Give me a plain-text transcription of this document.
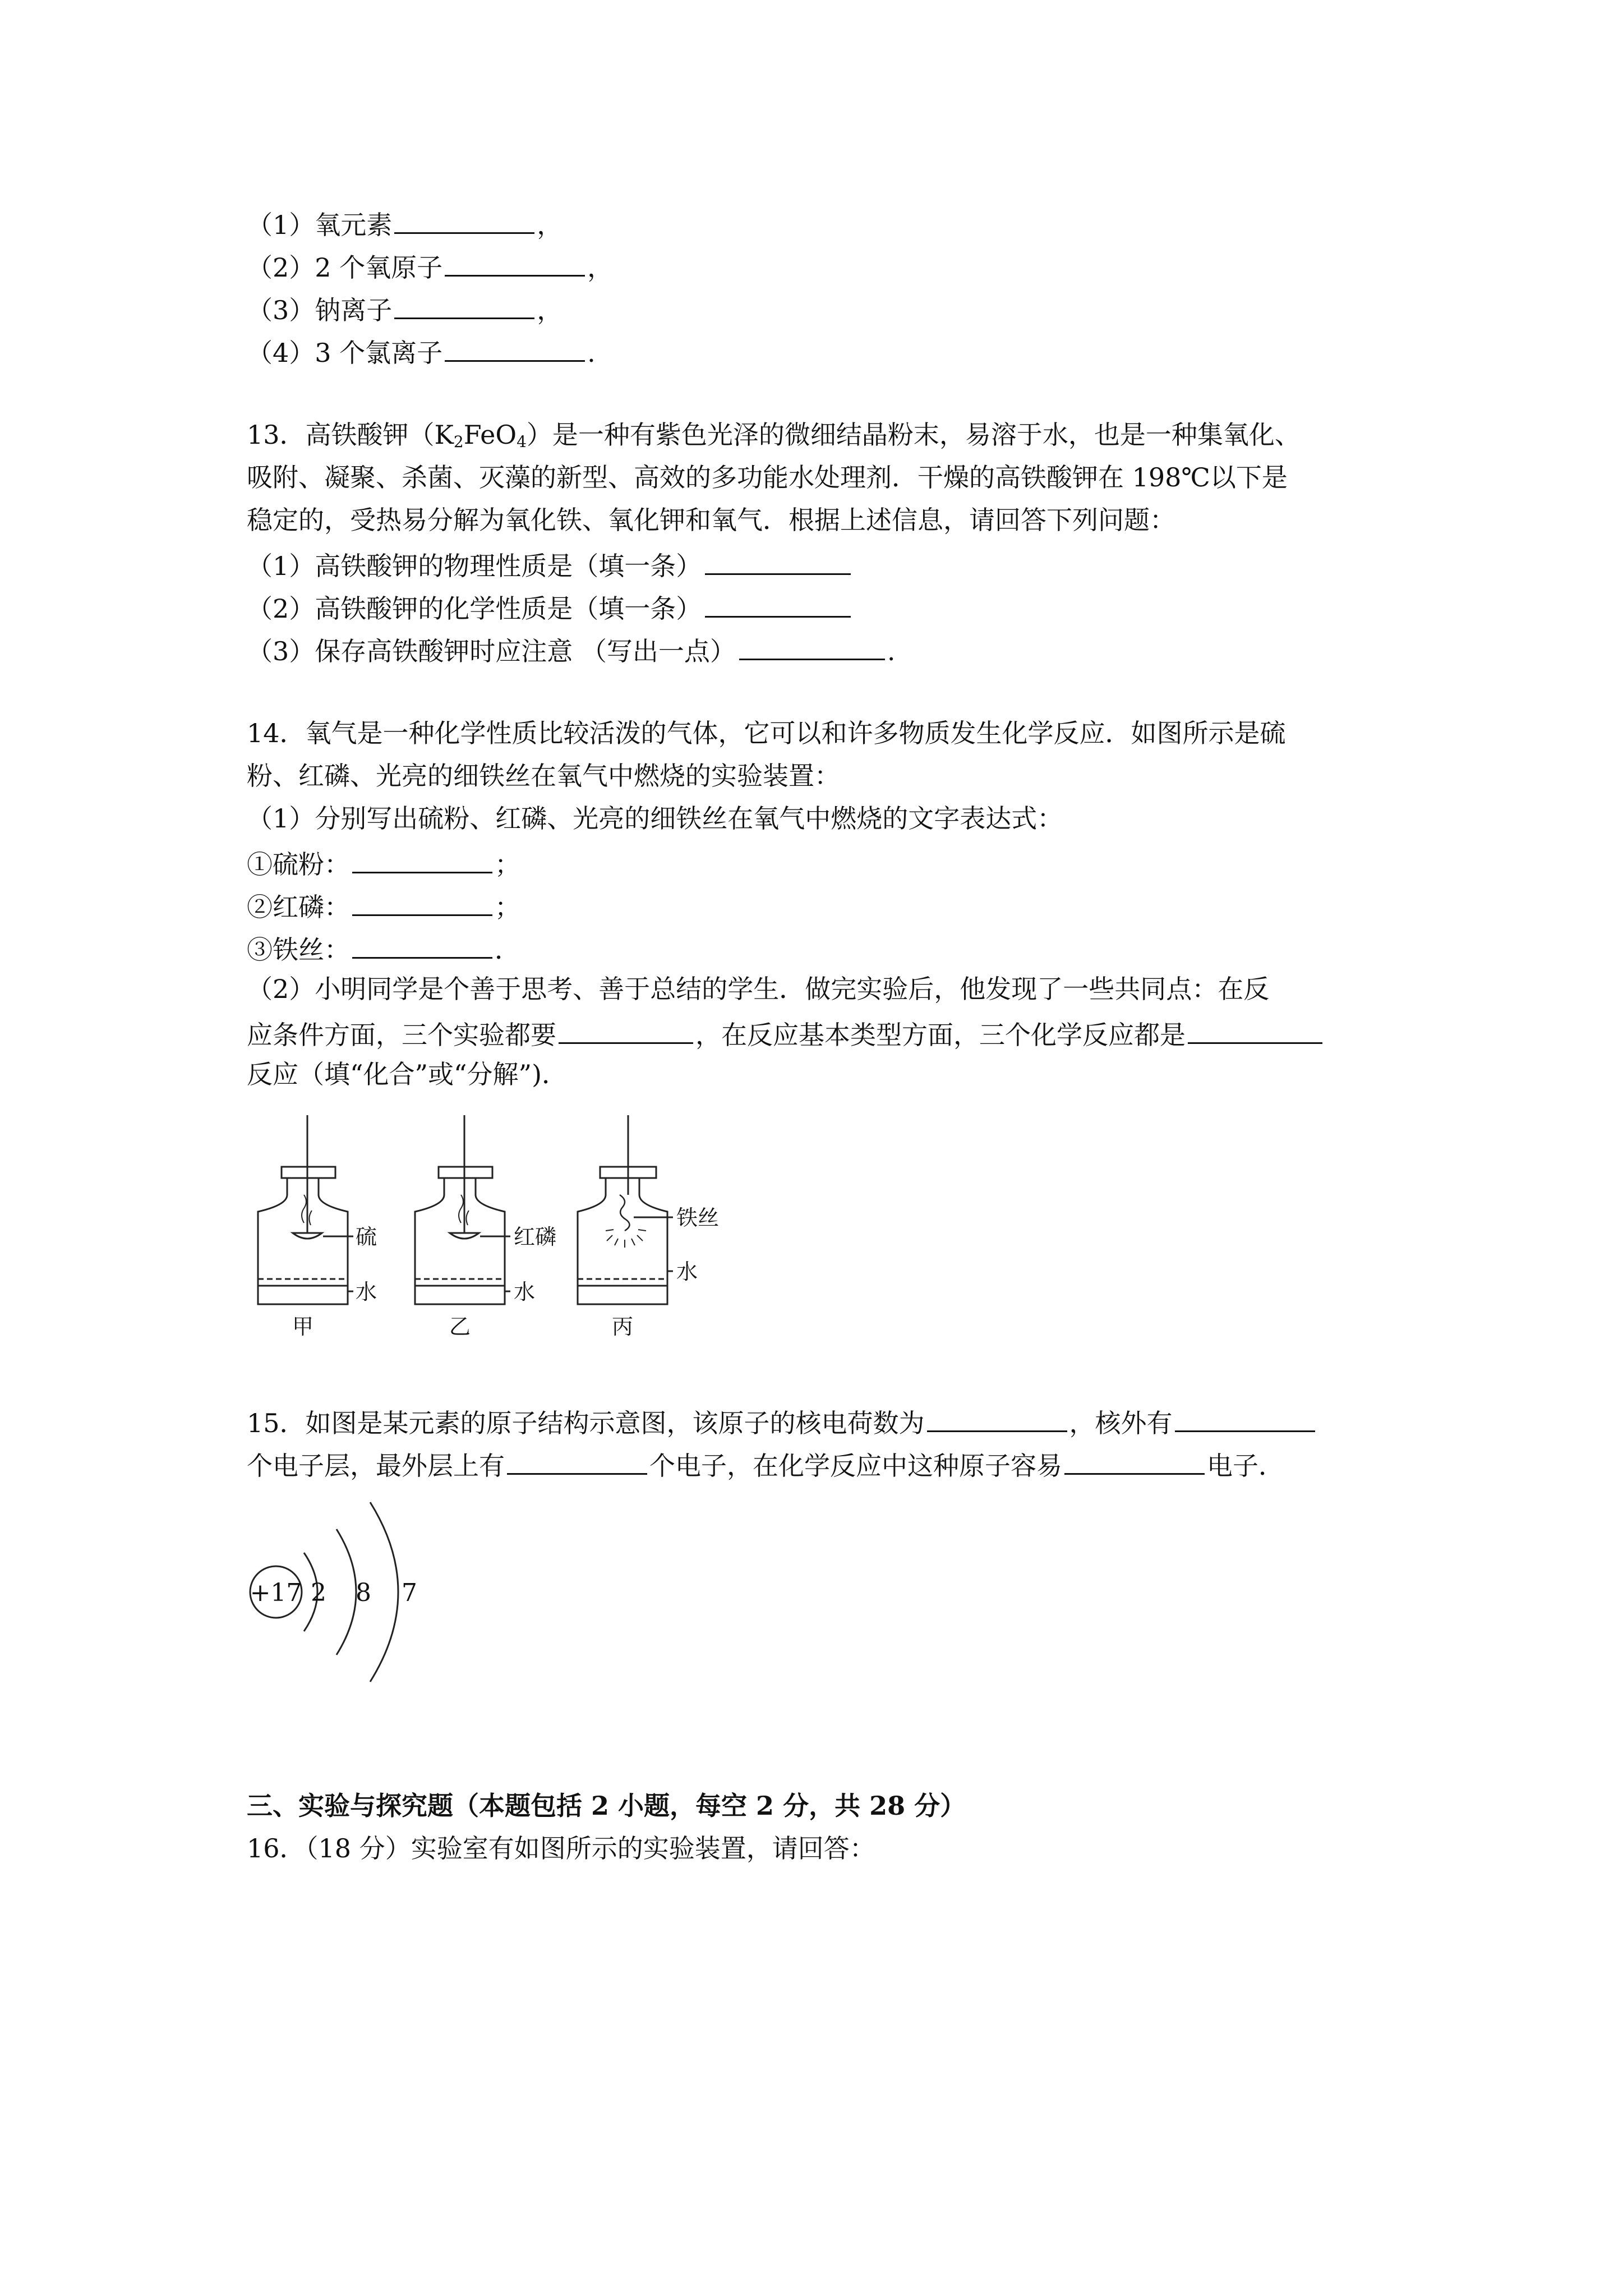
（1）氧元素	，
（2）2 个氧原子	，
（3）钠离子	，
（4）3 个氯离子	.
13．高铁酸钾$(K_2FeO_4)$是一种有紫色光泽的微细结晶粉末，易溶于水，也是一种集氧化、
吸附、凝聚、杀菌、灭藻的新型、高效的多功能水处理剂．干燥的高铁酸钾在 198℃以下是
稳定的，受热易分解为氧化铁、氧化钾和氧气．根据上述信息，请回答下列问题：
（1）高铁酸钾的物理性质是（填一条）
（2）高铁酸钾的化学性质是（填一条）
（3）保存高铁酸钾时应注意 （写出一点）	.
14．氧气是一种化学性质比较活泼的气体，它可以和许多物质发生化学反应．如图所示是硫
粉、红磷、光亮的细铁丝在氧气中燃烧的实验装置：
（1）分别写出硫粉、红磷、光亮的细铁丝在氧气中燃烧的文字表达式：
①硫粉：	；
②红磷：	；
③铁丝：	．
（2）小明同学是个善于思考、善于总结的学生．做完实验后，他发现了一些共同点：在反
应条件方面，三个实验都要	，在反应基本类型方面，三个化学反应都是
反应（填“化合”或“分解”)．
硫
水
红磷
水
铁丝
水
甲	乙	丙
15．如图是某元素的原子结构示意图，该原子的核电荷数为	，核外有
个电子层，最外层上有	个电子，在化学反应中这种原子容易	电子．
+17 2 8 7
三、实验与探究题（本题包括 2 小题，每空 2 分，共 28 分）
16．（18 分）实验室有如图所示的实验装置，请回答：
